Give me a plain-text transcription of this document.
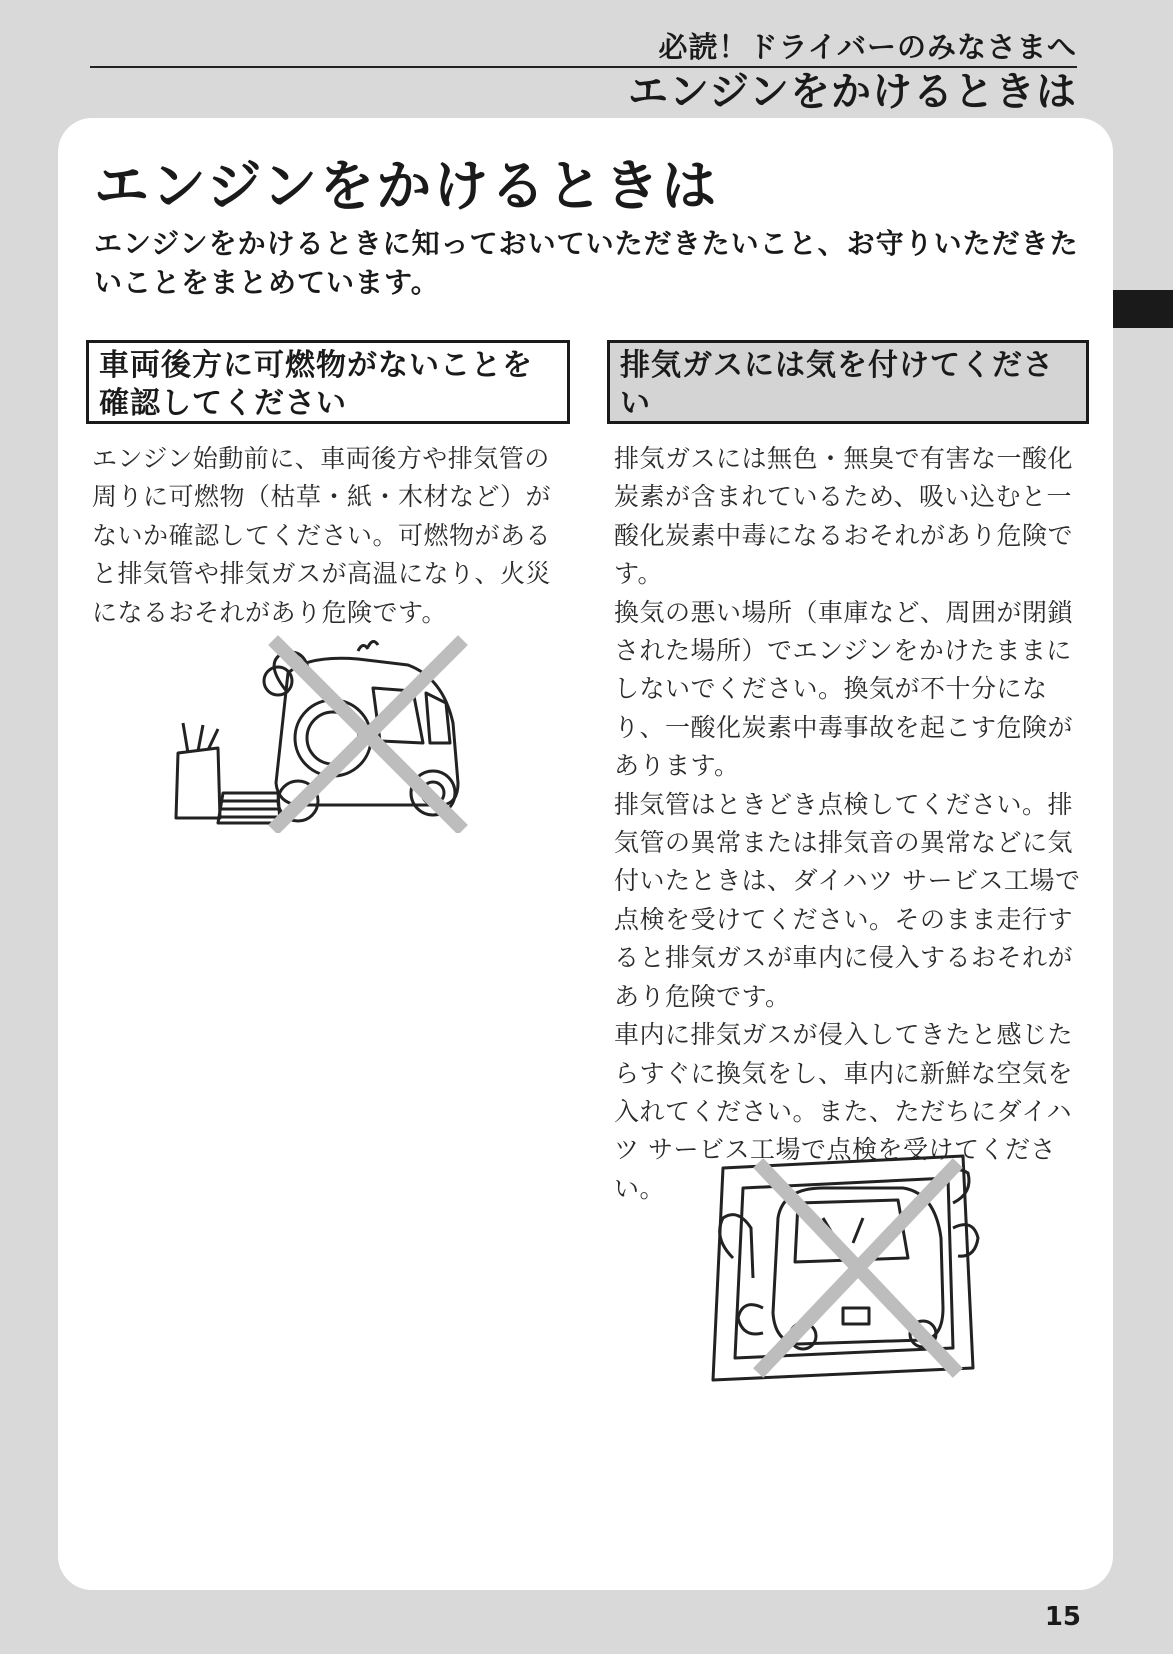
必読！ドライバーのみなさまへ
エンジンをかけるときは
エンジンをかけるときは

エンジンをかけるときに知っておいていただきたいこと、お守りいただきたいことをまとめています。

車両後方に可燃物がないことを確認してください
排気ガスには気を付けてください

エンジン始動前に、車両後方や排気管の周りに可燃物（枯草・紙・木材など）がないか確認してください。可燃物があると排気管や排気ガスが高温になり、火災になるおそれがあり危険です。

排気ガスには無色・無臭で有害な一酸化炭素が含まれているため、吸い込むと一酸化炭素中毒になるおそれがあり危険です。

換気の悪い場所（車庫など、周囲が閉鎖された場所）でエンジンをかけたままにしないでください。換気が不十分になり、一酸化炭素中毒事故を起こす危険があります。

排気管はときどき点検してください。排気管の異常または排気音の異常などに気付いたときは、ダイハツ サービス工場で点検を受けてください。そのまま走行すると排気ガスが車内に侵入するおそれがあり危険です。

車内に排気ガスが侵入してきたと感じたらすぐに換気をし、車内に新鮮な空気を入れてください。また、ただちにダイハツ サービス工場で点検を受けてください。

15
